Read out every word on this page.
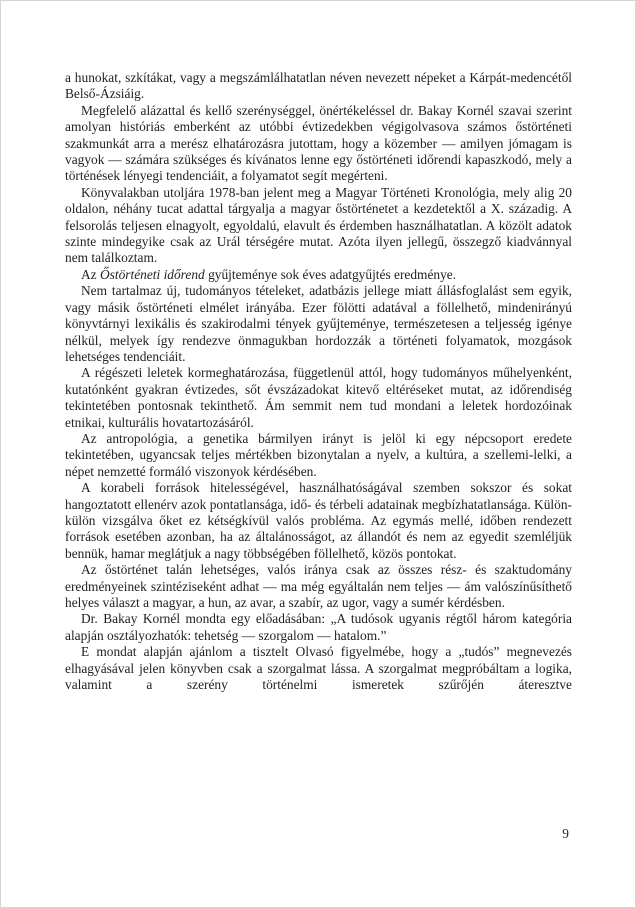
a hunokat, szkítákat, vagy a megszámlálhatatlan néven nevezett népeket a Kárpát-medencétől Belső-Ázsiáig.

Megfelelő alázattal és kellő szerénységgel, önértékeléssel dr. Bakay Kornél szavai szerint amolyan históriás emberként az utóbbi évtizedekben végigolvasova számos őstörténeti szakmunkát arra a merész elhatározásra jutottam, hogy a közember — amilyen jómagam is vagyok — számára szükséges és kívánatos lenne egy őstörténeti időrendi kapaszkodó, mely a történések lényegi tendenciáit, a folyamatot segít megérteni.

Könyvalakban utoljára 1978-ban jelent meg a Magyar Történeti Kronológia, mely alig 20 oldalon, néhány tucat adattal tárgyalja a magyar őstörténetet a kezdetektől a X. századig. A felsorolás teljesen elnagyolt, egyoldalú, elavult és érdemben használhatatlan. A közölt adatok szinte mindegyike csak az Urál térségére mutat. Azóta ilyen jellegű, összegző kiadvánnyal nem találkoztam.

Az Őstörténeti időrend gyűjteménye sok éves adatgyűjtés eredménye.

Nem tartalmaz új, tudományos tételeket, adatbázis jellege miatt állásfoglalást sem egyik, vagy másik őstörténeti elmélet irányába. Ezer fölötti adatával a föllelhető, mindenirányú könyvtárnyi lexikális és szakirodalmi tények gyűjteménye, természetesen a teljesség igénye nélkül, melyek így rendezve önmagukban hordozzák a történeti folyamatok, mozgások lehetséges tendenciáit.

A régészeti leletek kormeghatározása, függetlenül attól, hogy tudományos műhelyenként, kutatónként gyakran évtizedes, sőt évszázadokat kitevő eltéréseket mutat, az időrendiség tekintetében pontosnak tekinthető. Ám semmit nem tud mondani a leletek hordozóinak etnikai, kulturális hovatartozásáról.

Az antropológia, a genetika bármilyen irányt is jelöl ki egy népcsoport eredete tekintetében, ugyancsak teljes mértékben bizonytalan a nyelv, a kultúra, a szellemi-lelki, a népet nemzetté formáló viszonyok kérdésében.

A korabeli források hitelességével, használhatóságával szemben sokszor és sokat hangoztatott ellenérv azok pontatlansága, idő- és térbeli adatainak megbízhatatlansága. Külön-külön vizsgálva őket ez kétségkívül valós probléma. Az egymás mellé, időben rendezett források esetében azonban, ha az általánosságot, az állandót és nem az egyedit szemléljük bennük, hamar meglátjuk a nagy többségében föllelhető, közös pontokat.

Az őstörténet talán lehetséges, valós iránya csak az összes rész- és szaktudomány eredményeinek szintéziseként adhat — ma még egyáltalán nem teljes — ám valószínűsíthető helyes választ a magyar, a hun, az avar, a szabír, az ugor, vagy a sumér kérdésben.

Dr. Bakay Kornél mondta egy előadásában: „A tudósok ugyanis régtől három kategória alapján osztályozhatók: tehetség — szorgalom — hatalom.”

E mondat alapján ajánlom a tisztelt Olvasó figyelmébe, hogy a „tudós” megnevezés elhagyásával jelen könyvben csak a szorgalmat lássa. A szorgalmat megpróbáltam a logika, valamint a szerény történelmi ismeretek szűrőjén áteresztve

9
